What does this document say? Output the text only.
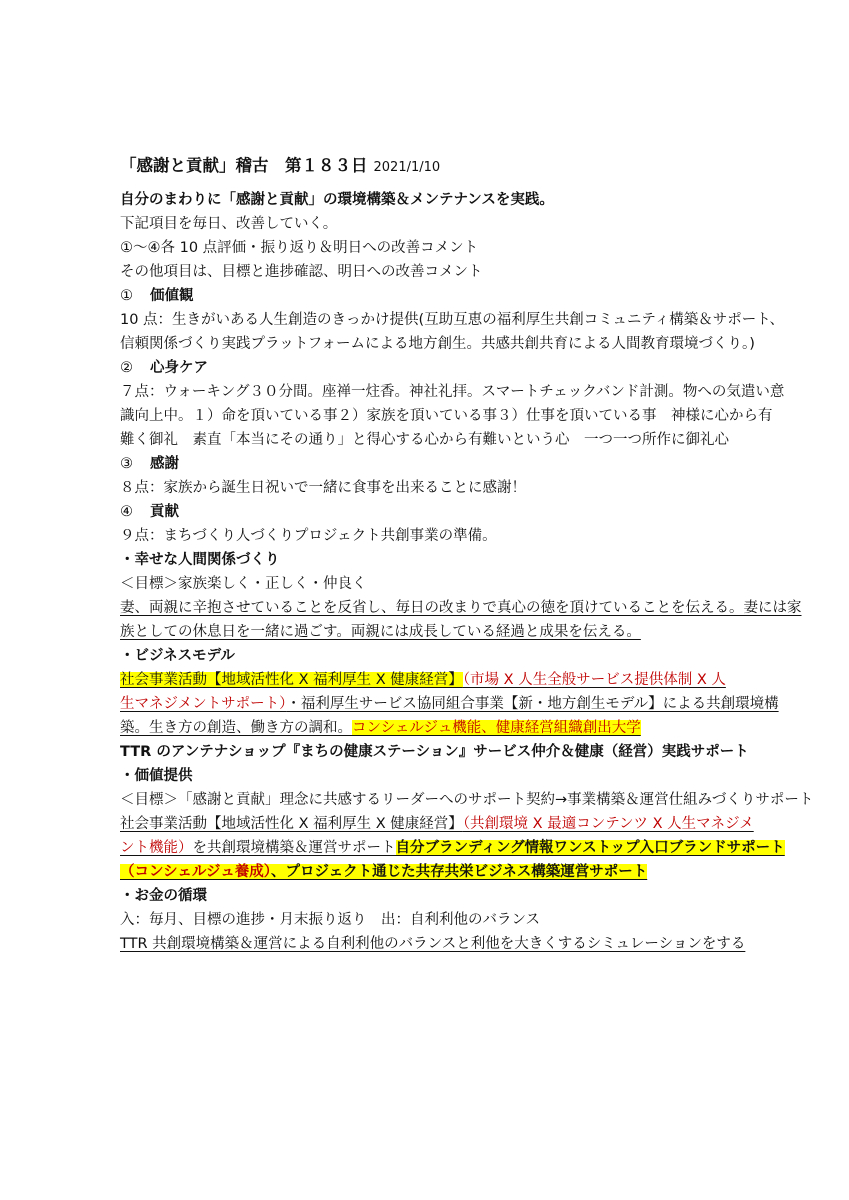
「感謝と貢献」稽古　第１８３日 2021/1/10
自分のまわりに「感謝と貢献」の環境構築＆メンテナンスを実践。
下記項目を毎日、改善していく。
①～④各 10 点評価・振り返り＆明日への改善コメント
その他項目は、目標と進捗確認、明日への改善コメント
① 価値観
10 点：生きがいある人生創造のきっかけ提供(互助互恵の福利厚生共創コミュニティ構築＆サポート、
信頼関係づくり実践プラットフォームによる地方創生。共感共創共育による人間教育環境づくり。)
② 心身ケア
７点：ウォーキング３０分間。座禅一炷香。神社礼拝。スマートチェックバンド計測。物への気遣い意
識向上中。１）命を頂いている事２）家族を頂いている事３）仕事を頂いている事　神様に心から有
難く御礼　素直「本当にその通り」と得心する心から有難いという心　一つ一つ所作に御礼心
③ 感謝
８点：家族から誕生日祝いで一緒に食事を出来ることに感謝！
④ 貢献
９点：まちづくり人づくりプロジェクト共創事業の準備。
・幸せな人間関係づくり
＜目標＞家族楽しく・正しく・仲良く
妻、両親に辛抱させていることを反省し、毎日の改まりで真心の徳を頂けていることを伝える。妻には家
族としての休息日を一緒に過ごす。両親には成長している経過と成果を伝える。
・ビジネスモデル
社会事業活動【地域活性化 X 福利厚生 X 健康経営】（市場 X 人生全般サービス提供体制 X 人
生マネジメントサポート）・福利厚生サービス協同組合事業【新・地方創生モデル】による共創環境構
築。生き方の創造、働き方の調和。コンシェルジュ機能、健康経営組織創出大学
TTR のアンテナショップ『まちの健康ステーション』サービス仲介＆健康（経営）実践サポート
・価値提供
＜目標＞「感謝と貢献」理念に共感するリーダーへのサポート契約→事業構築＆運営仕組みづくりサポート
社会事業活動【地域活性化 X 福利厚生 X 健康経営】（共創環境 X 最適コンテンツ X 人生マネジメ
ント機能）を共創環境構築＆運営サポート自分ブランディング情報ワンストップ入口ブランドサポート
（コンシェルジュ養成）、プロジェクト通じた共存共栄ビジネス構築運営サポート
・お金の循環
入：毎月、目標の進捗・月末振り返り　出：自利利他のバランス
TTR 共創環境構築＆運営による自利利他のバランスと利他を大きくするシミュレーションをする
